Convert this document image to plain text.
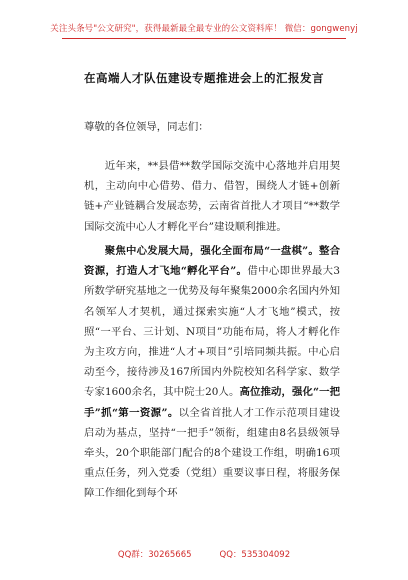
关注头条号"公文研究"，获得最新最全最专业的公文资料库！ 微信：gongwenyj
在高端人才队伍建设专题推进会上的汇报发言
尊敬的各位领导，同志们：
近年来，**县借**数学国际交流中心落地并启用契机，主动向中心借势、借力、借智，围绕人才链+创新链+产业链耦合发展态势，云南省首批人才项目“**数学国际交流中心人才孵化平台”建设顺利推进。
聚焦中心发展大局，强化全面布局“一盘棋”。整合资源，打造人才飞地“孵化平台”。借中心即世界最大3所数学研究基地之一优势及每年聚集2000余名国内外知名领军人才契机，通过探索实施“人才飞地”模式，按照“一平台、三计划、N项目”功能布局，将人才孵化作为主攻方向，推进“人才+项目”引培同频共振。中心启动至今，接待涉及167所国内外院校知名科学家、数学专家1600余名，其中院士20人。高位推动，强化“一把手”抓“第一资源”。以全省首批人才工作示范项目建设启动为基点，坚持“一把手”领衔，组建由8名县级领导牵头，20个职能部门配合的8个建设工作组，明确16项重点任务，列入党委（党组）重要议事日程，将服务保障工作细化到每个环
QQ群：30265665	QQ：535304092
